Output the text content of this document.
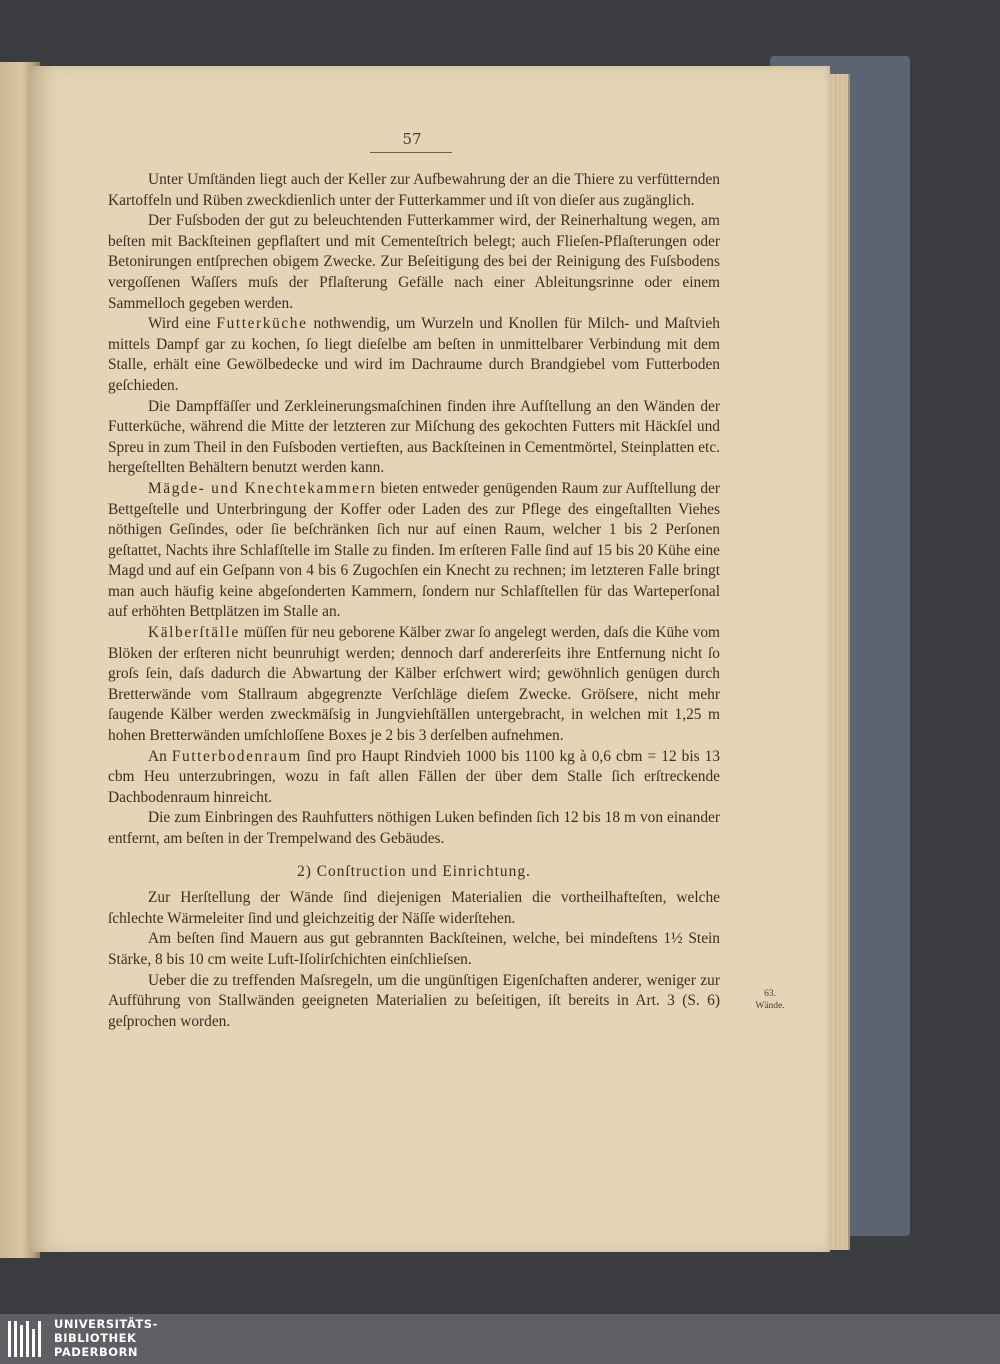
57

Unter Umſtänden liegt auch der Keller zur Aufbewahrung der an die Thiere zu verfütternden Kartoffeln und Rüben zweckdienlich unter der Futterkammer und iſt von dieſer aus zugänglich.

Der Fuſsboden der gut zu beleuchtenden Futterkammer wird, der Reinerhaltung wegen, am beſten mit Backſteinen gepflaſtert und mit Cementeſtrich belegt; auch Flieſen-Pflaſterungen oder Betonirungen entſprechen obigem Zwecke. Zur Beſeitigung des bei der Reinigung des Fuſsbodens vergoſſenen Waſſers muſs der Pflaſterung Gefälle nach einer Ableitungsrinne oder einem Sammelloch gegeben werden.

Wird eine Futterküche nothwendig, um Wurzeln und Knollen für Milch- und Maſtvieh mittels Dampf gar zu kochen, ſo liegt dieſelbe am beſten in unmittelbarer Verbindung mit dem Stalle, erhält eine Gewölbedecke und wird im Dachraume durch Brandgiebel vom Futterboden geſchieden.

Die Dampffäſſer und Zerkleinerungsmaſchinen finden ihre Aufſtellung an den Wänden der Futterküche, während die Mitte der letzteren zur Miſchung des gekochten Futters mit Häckſel und Spreu in zum Theil in den Fuſsboden vertieften, aus Backſteinen in Cementmörtel, Steinplatten etc. hergeſtellten Behältern benutzt werden kann.

Mägde- und Knechtekammern bieten entweder genügenden Raum zur Aufſtellung der Bettgeſtelle und Unterbringung der Koffer oder Laden des zur Pflege des eingeſtallten Viehes nöthigen Geſindes, oder ſie beſchränken ſich nur auf einen Raum, welcher 1 bis 2 Perſonen geſtattet, Nachts ihre Schlafſtelle im Stalle zu finden. Im erſteren Falle ſind auf 15 bis 20 Kühe eine Magd und auf ein Geſpann von 4 bis 6 Zugochſen ein Knecht zu rechnen; im letzteren Falle bringt man auch häufig keine abgeſonderten Kammern, ſondern nur Schlafſtellen für das Warteperſonal auf erhöhten Bettplätzen im Stalle an.

Kälberſtälle müſſen für neu geborene Kälber zwar ſo angelegt werden, daſs die Kühe vom Blöken der erſteren nicht beunruhigt werden; dennoch darf andererſeits ihre Entfernung nicht ſo groſs ſein, daſs dadurch die Abwartung der Kälber erſchwert wird; gewöhnlich genügen durch Bretterwände vom Stallraum abgegrenzte Verſchläge dieſem Zwecke. Gröſsere, nicht mehr ſaugende Kälber werden zweckmäſsig in Jungviehſtällen untergebracht, in welchen mit 1,25 m hohen Bretterwänden umſchloſſene Boxes je 2 bis 3 derſelben aufnehmen.

An Futterbodenraum ſind pro Haupt Rindvieh 1000 bis 1100 kg à 0,6 cbm = 12 bis 13 cbm Heu unterzubringen, wozu in faſt allen Fällen der über dem Stalle ſich erſtreckende Dachbodenraum hinreicht.

Die zum Einbringen des Rauhfutters nöthigen Luken befinden ſich 12 bis 18 m von einander entfernt, am beſten in der Trempelwand des Gebäudes.

2) Conſtruction und Einrichtung.

Zur Herſtellung der Wände ſind diejenigen Materialien die vortheilhafteſten, welche ſchlechte Wärmeleiter ſind und gleichzeitig der Näſſe widerſtehen.

Am beſten ſind Mauern aus gut gebrannten Backſteinen, welche, bei mindeſtens 1½ Stein Stärke, 8 bis 10 cm weite Luft-Iſolirſchichten einſchlieſsen.

Ueber die zu treffenden Maſsregeln, um die ungünſtigen Eigenſchaften anderer, weniger zur Aufführung von Stallwänden geeigneten Materialien zu beſeitigen, iſt bereits in Art. 3 (S. 6) geſprochen worden.

63.
Wände.
UNIVERSITÄTS-
BIBLIOTHEK
PADERBORN
